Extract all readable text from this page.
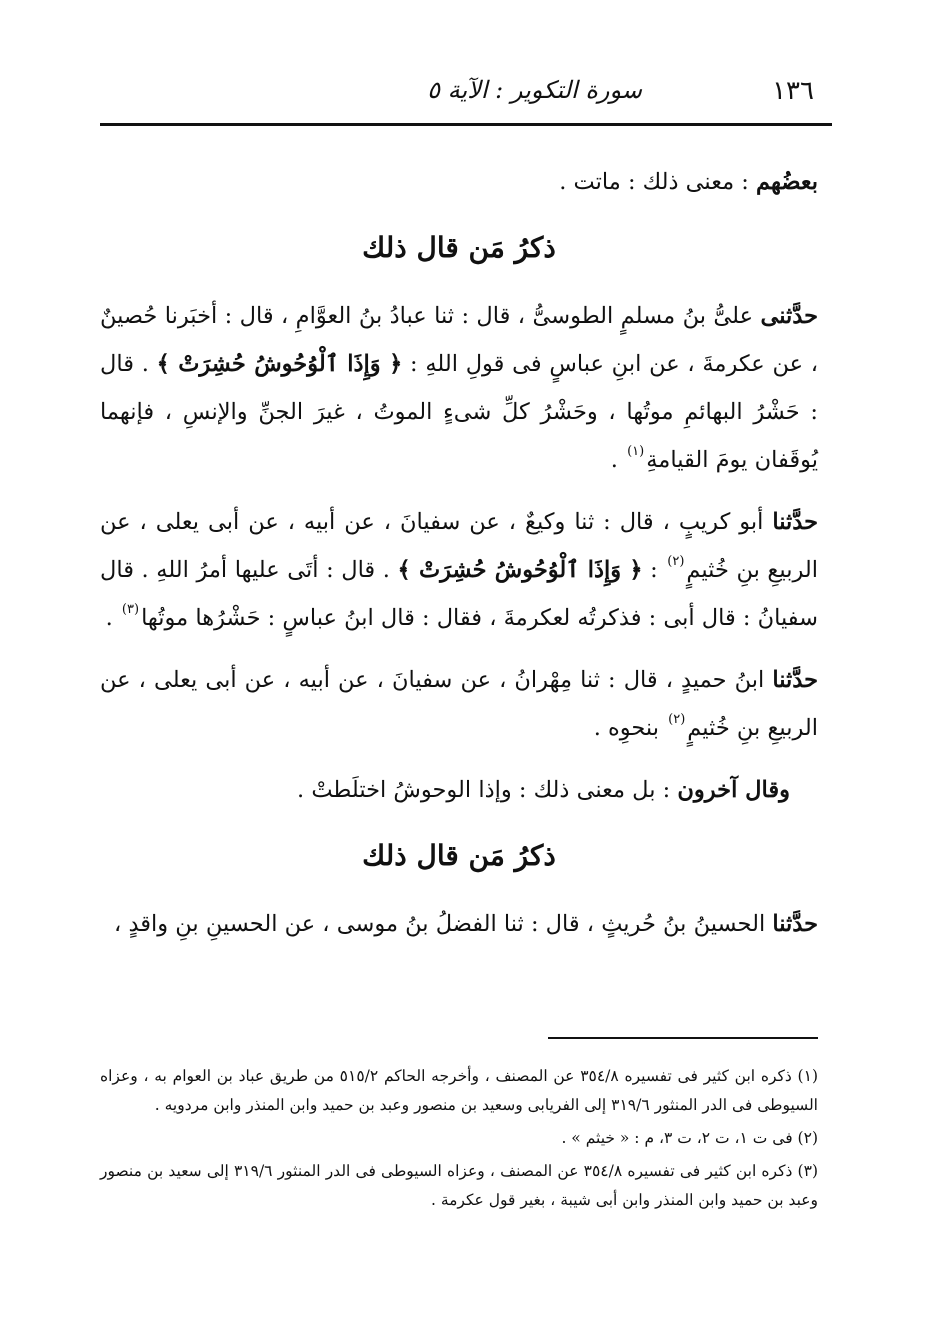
١٣٦
سورة التكوير : الآية ٥

بعضُهم : معنى ذلك : ماتت .

ذكرُ مَن قال ذلك

حدَّثنى علىُّ بنُ مسلمٍ الطوسىُّ ، قال : ثنا عبادُ بنُ العوَّامِ ، قال : أخبَرنا حُصينٌ ، عن عكرمةَ ، عن ابنِ عباسٍ فى قولِ اللهِ : ﴿ وَإِذَا ٱلْوُحُوشُ حُشِرَتْ ﴾ . قال : حَشْرُ البهائمِ موتُها ، وحَشْرُ كلِّ شىءٍ الموتُ ، غيرَ الجنِّ والإنسِ ، فإنهما يُوقَفان يومَ القيامةِ$^{(١)}$ .

حدَّثنا أبو كريبٍ ، قال : ثنا وكيعٌ ، عن سفيانَ ، عن أبيه ، عن أبى يعلى ، عن الربيعِ بنِ خُثيمٍ$^{(٢)}$ : ﴿ وَإِذَا ٱلْوُحُوشُ حُشِرَتْ ﴾ . قال : أتَى عليها أمرُ اللهِ . قال سفيانُ : قال أبى : فذكرتُه لعكرمةَ ، فقال : قال ابنُ عباسٍ : حَشْرُها موتُها$^{(٣)}$ .

حدَّثنا ابنُ حميدٍ ، قال : ثنا مِهْرانُ ، عن سفيانَ ، عن أبيه ، عن أبى يعلى ، عن الربيعِ بنِ خُثيمٍ$^{(٢)}$ بنحوِه .

وقال آخرون : بل معنى ذلك : وإذا الوحوشُ اختلَطتْ .

ذكرُ مَن قال ذلك

حدَّثنا الحسينُ بنُ حُريثٍ ، قال : ثنا الفضلُ بنُ موسى ، عن الحسينِ بنِ واقدٍ ،

(١) ذكره ابن كثير فى تفسيره ٣٥٤/٨ عن المصنف ، وأخرجه الحاكم ٥١٥/٢ من طريق عباد بن العوام به ، وعزاه السيوطى فى الدر المنثور ٣١٩/٦ إلى الفريابى وسعيد بن منصور وعبد بن حميد وابن المنذر وابن مردويه .

(٢) فى ت ١، ت ٢، ت ٣، م : « خيثم » .

(٣) ذكره ابن كثير فى تفسيره ٣٥٤/٨ عن المصنف ، وعزاه السيوطى فى الدر المنثور ٣١٩/٦ إلى سعيد بن منصور وعبد بن حميد وابن المنذر وابن أبى شيبة ، بغير قول عكرمة .
